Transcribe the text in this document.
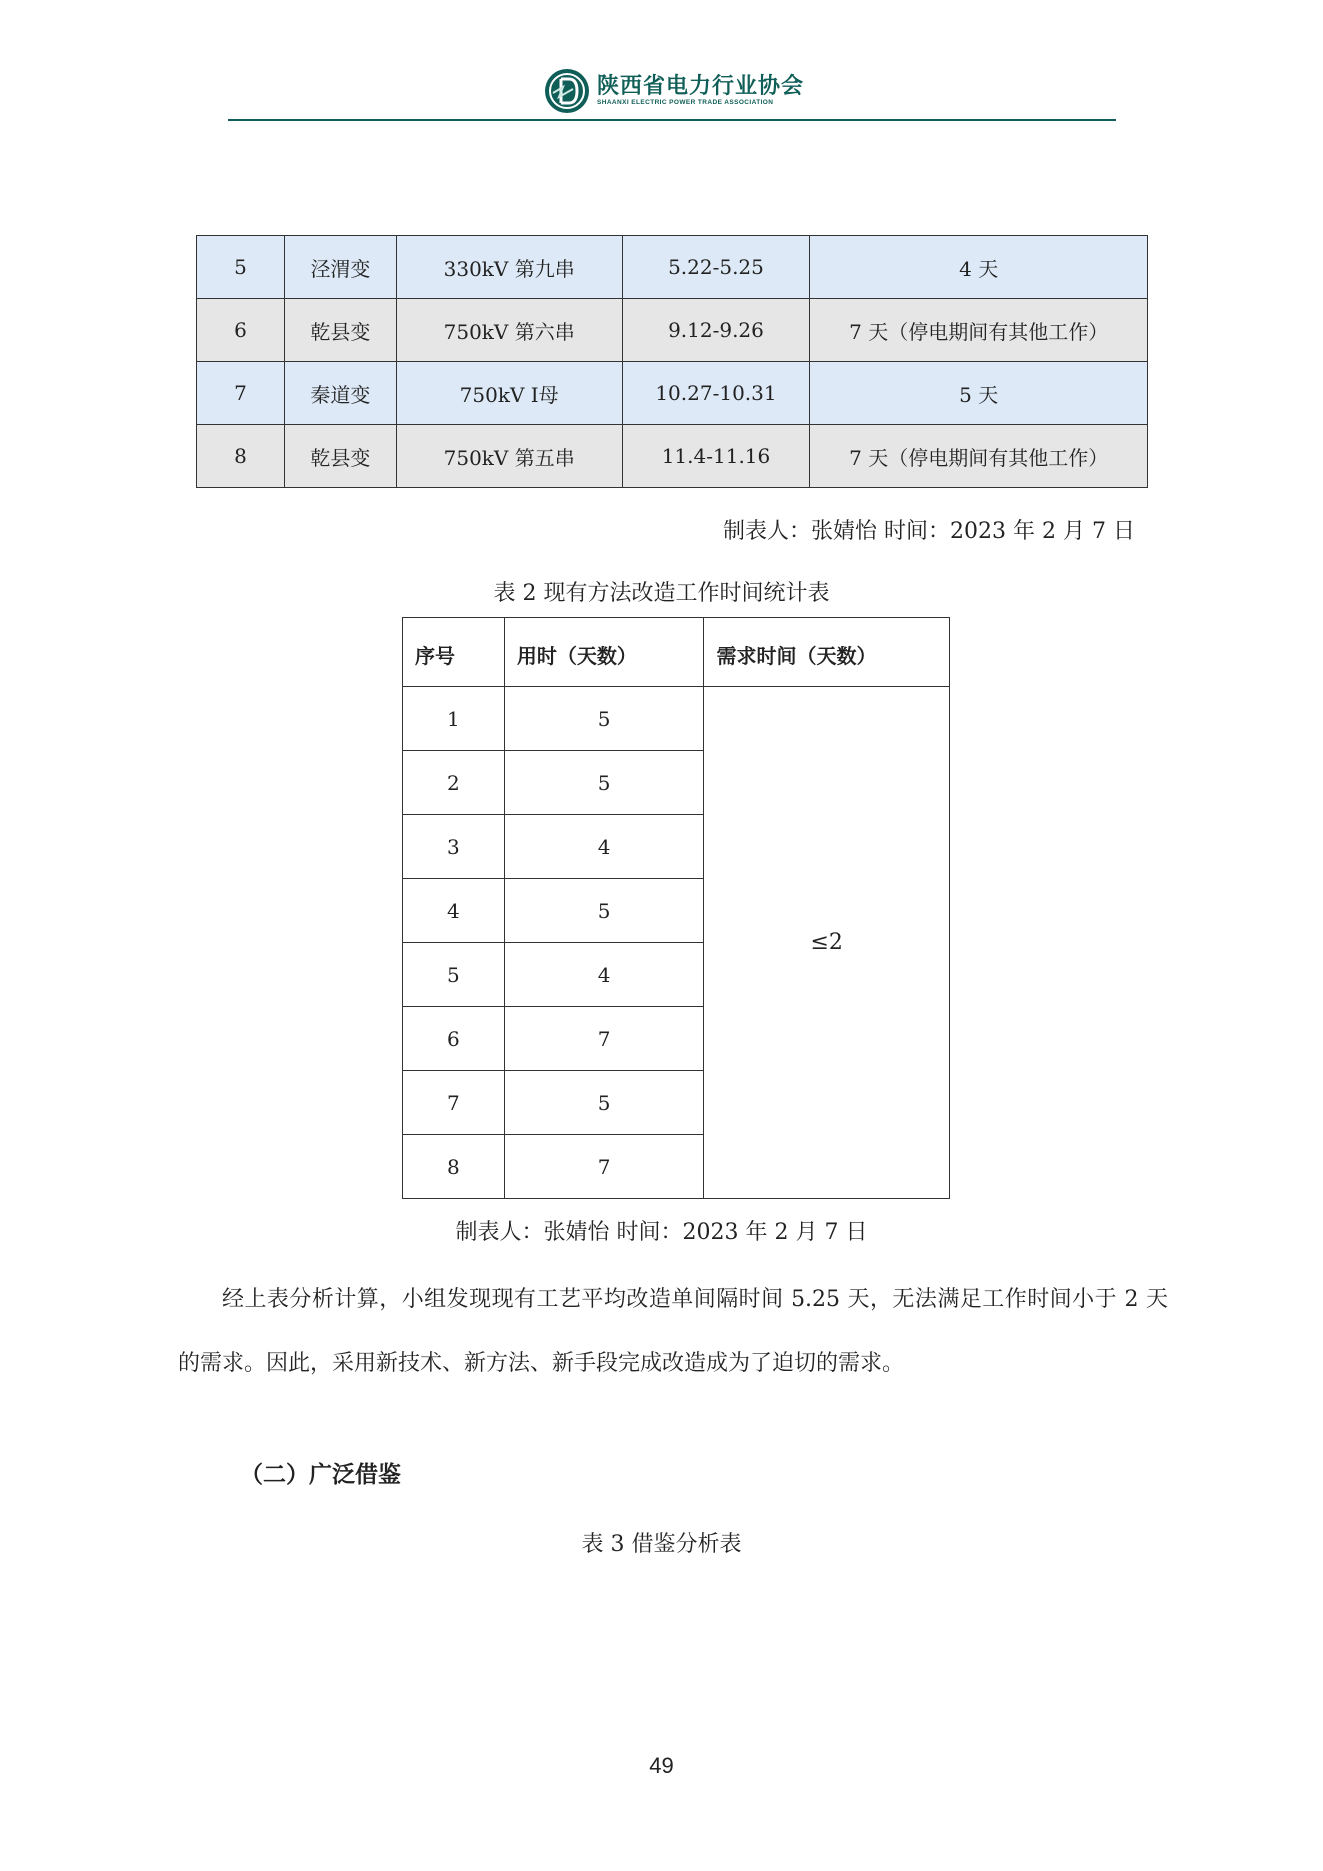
陕西省电力行业协会
SHAANXI ELECTRIC POWER TRADE ASSOCIATION
5	泾渭变	330kV 第九串	5.22-5.25	4 天
6	乾县变	750kV 第六串	9.12-9.26	7 天（停电期间有其他工作）
7	秦道变	750kV Ⅰ母	10.27-10.31	5 天
8	乾县变	750kV 第五串	11.4-11.16	7 天（停电期间有其他工作）
制表人：张婧怡 时间：2023 年 2 月 7 日
表 2 现有方法改造工作时间统计表
序号	用时（天数）	需求时间（天数）
1	5	≤2
2	5	
3	4	
4	5	
5	4	
6	7	
7	5	
8	7	
制表人：张婧怡 时间：2023 年 2 月 7 日

经上表分析计算，小组发现现有工艺平均改造单间隔时间 5.25 天，无法满足工作时间小于 2 天的需求。因此，采用新技术、新方法、新手段完成改造成为了迫切的需求。

（二）广泛借鉴
表 3 借鉴分析表
49
